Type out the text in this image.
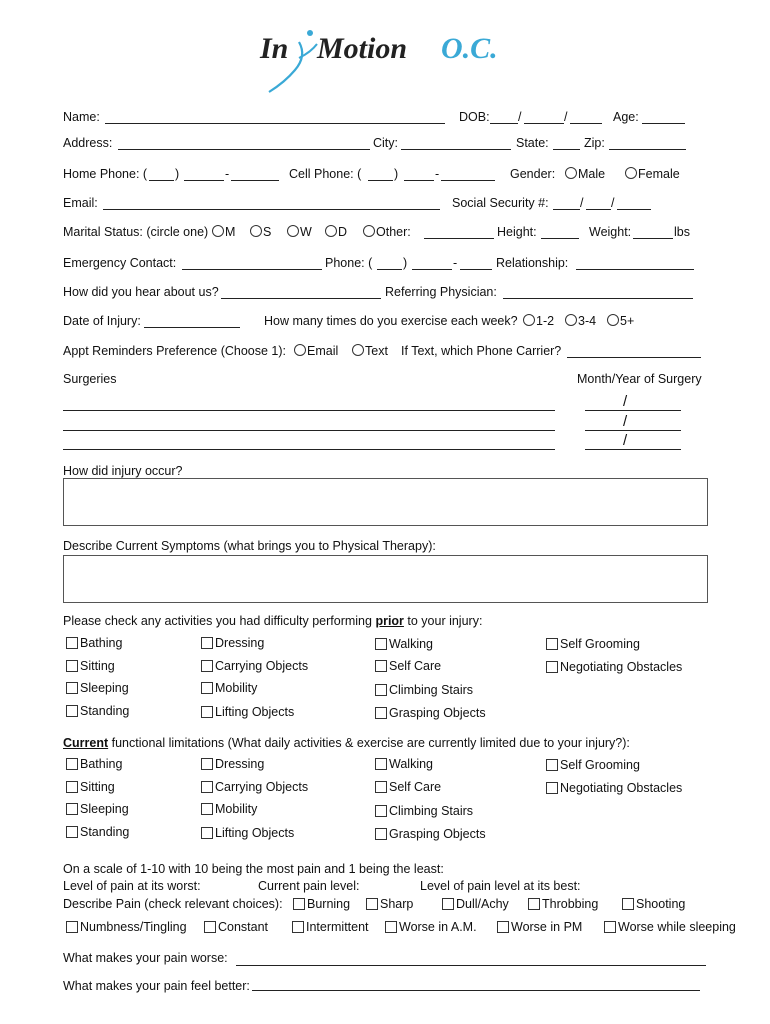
In Motion O.C.
Name:	DOB: /	/	Age:
Address:	City:	State:	Zip:
Home Phone: ( )	-	Cell Phone: (	)	-	Gender:	Male	Female
Email:	Social Security #:	/ /
Marital Status: (circle one)	M	S	W	D	Other:	Height:	Weight:	lbs
Emergency Contact:	Phone: ( )	-	Relationship:
How did you hear about us?	Referring Physician:
Date of Injury:	How many times do you exercise each week?	1-2	3-4	5+
Appt Reminders Preference (Choose 1):	Email	Text If Text, which Phone Carrier?
Surgeries	Month/Year of Surgery
/
/
/
How did injury occur?
Describe Current Symptoms (what brings you to Physical Therapy):
Please check any activities you had difficulty performing prior to your injury:
Bathing	Dressing	Walking	Self Grooming
Sitting	Carrying Objects	Self Care	Negotiating Obstacles
Sleeping	Mobility	Climbing Stairs
Standing	Lifting Objects	Grasping Objects
Current functional limitations (What daily activities & exercise are currently limited due to your injury?):
Bathing	Dressing	Walking	Self Grooming
Sitting	Carrying Objects	Self Care	Negotiating Obstacles
Sleeping	Mobility	Climbing Stairs
Standing	Lifting Objects	Grasping Objects
On a scale of 1-10 with 10 being the most pain and 1 being the least:
Level of pain at its worst:	Current pain level:	Level of pain level at its best:
Describe Pain (check relevant choices):	Burning	Sharp	Dull/Achy	Throbbing	Shooting
Numbness/Tingling	Constant	Intermittent	Worse in A.M.	Worse in PM	Worse while sleeping
What makes your pain worse:
What makes your pain feel better:
